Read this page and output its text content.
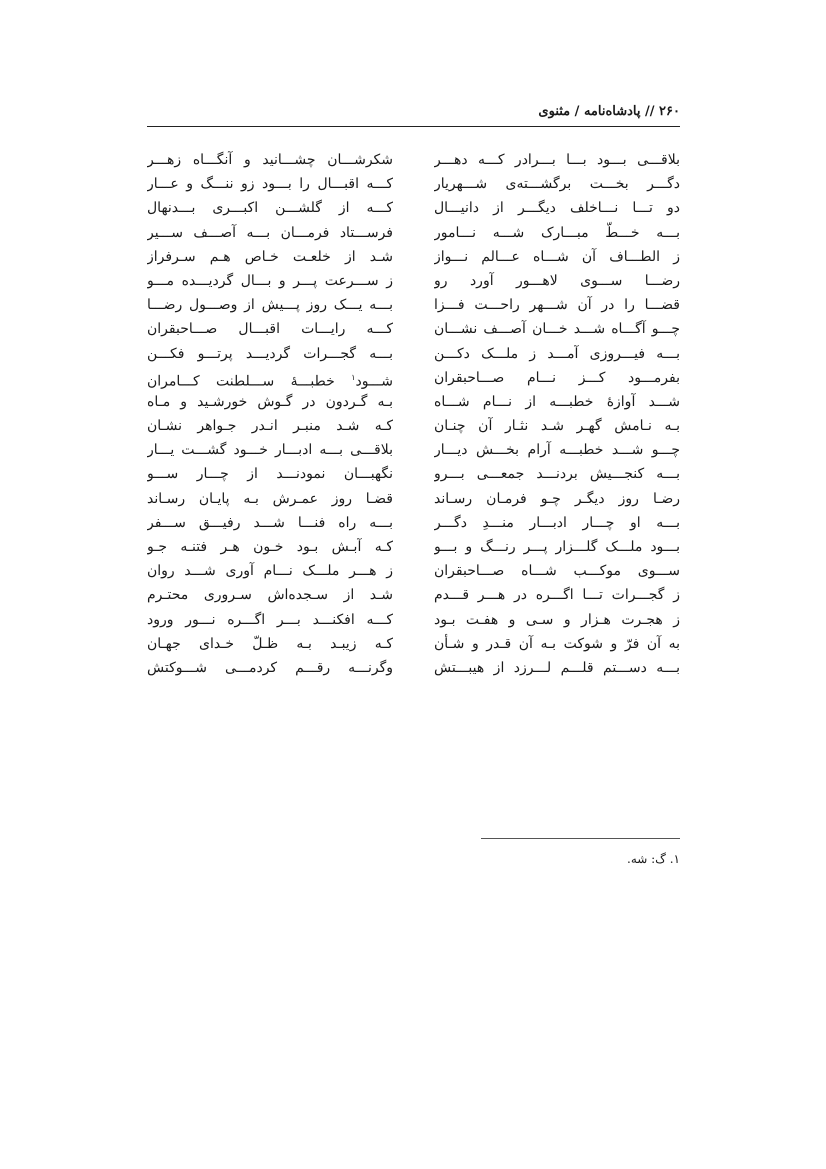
۲۶۰ // پادشاه‌نامه / مثنوی
بلاقـــی بـــود بـــا بـــرادر کـــه دهـــر
شکرشـــان چشـــانید و آنگـــاه زهـــر
دگـــر بخـــت برگشـــته‌ی شـــهریار
کـــه اقبـــال را بـــود زو ننـــگ و عـــار
دو تـــا نـــاخلف دیگـــر از دانیـــال
کـــه از گلشـــن اکبـــری بـــدنهال
بـــه خـــطّ مبـــارک شـــه نـــامور
فرســـتاد فرمـــان بـــه آصـــف ســـیر
ز الطـــاف آن شـــاه عـــالم نـــواز
شـد از خلعـت خـاص هـم سـرفراز
رضـــا ســـوی لاهـــور آورد رو
ز ســـرعت پـــر و بـــال گردیـــده مـــو
قضـــا را در آن شـــهر راحـــت فـــزا
بـــه یـــک روز پـــیش از وصـــول رضـــا
چـــو آگـــاه شـــد خـــان آصـــف نشـــان
کـــه رایـــات اقبـــال صـــاحبقران
بـــه فیـــروزی آمـــد ز ملـــک دکـــن
بـــه گجـــرات گردیـــد پرتـــو فکـــن
بفرمـــود کـــز نـــام صـــاحبقران
شـــود$^۱$ خطبـــهٔ ســـلطنت کـــامران
شـــد آوازهٔ خطبـــه از نـــام شـــاه
بـه گـردون در گـوش خورشـید و مـاه
بـه نـامش گهـر شـد نثـار آن چنـان
کـه شـد منبـر انـدر جـواهر نشـان
چـــو شـــد خطبـــه آرام بخـــش دیـــار
بلاقـــی بـــه ادبـــار خـــود گشـــت یـــار
بـــه کنجـــیش بردنـــد جمعـــی بـــرو
نگهبـــان نمودنـــد از چـــار ســـو
رضـا روز دیگـر چـو فرمـان رسـاند
قضـا روز عمـرش بـه پایـان رسـاند
بـــه او چـــار ادبـــار منـــدِ دگـــر
بـــه راه فنـــا شـــد رفیـــق ســـفر
بـــود ملـــک گلـــزار پـــر رنـــگ و بـــو
کـه آبـش بـود خـون هـر فتنـه جـو
ســـوی موکـــب شـــاه صـــاحبقران
ز هـــر ملـــک نـــام آوری شـــد روان
ز گجـــرات تـــا اگـــره در هـــر قـــدم
شـد از سـجده‌اش سـروری محتـرم
ز هجـرت هـزار و سـی و هفـت بـود
کـــه افکنـــد بـــر اگـــره نـــور ورود
به آن فرّ و شوکت بـه آن قـدر و شـأن
کـه زیبـد بـه ظـلّ خـدای جهـان
بـــه دســـتم قلـــم لـــرزد از هیبـــتش
وگرنـــه رقـــم کردمـــی شـــوکتش
۱. گ: شه.
